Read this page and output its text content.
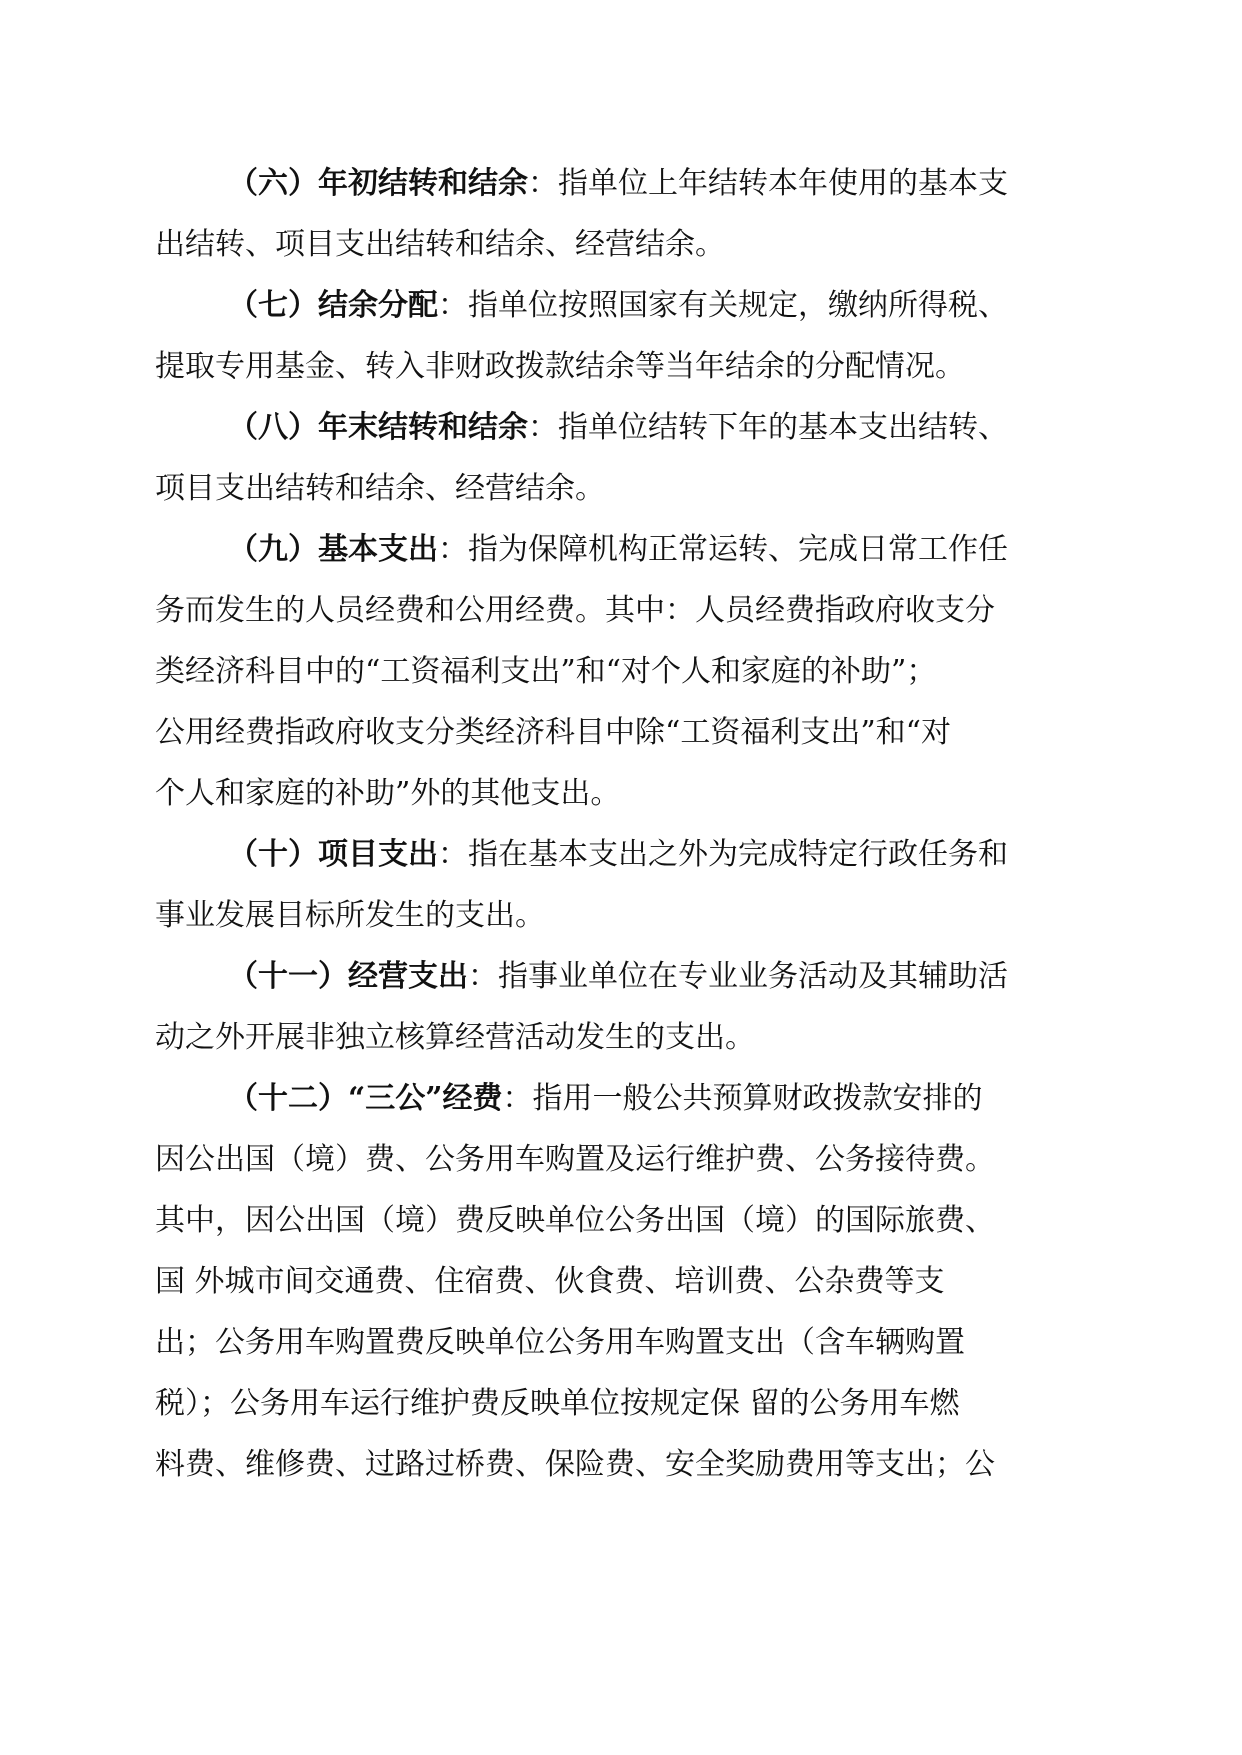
（六）年初结转和结余：指单位上年结转本年使用的基本支
出结转、项目支出结转和结余、经营结余。
（七）结余分配：指单位按照国家有关规定，缴纳所得税、
提取专用基金、转入非财政拨款结余等当年结余的分配情况。
（八）年末结转和结余：指单位结转下年的基本支出结转、
项目支出结转和结余、经营结余。
（九）基本支出：指为保障机构正常运转、完成日常工作任
务而发生的人员经费和公用经费。其中：人员经费指政府收支分
类经济科目中的“工资福利支出”和“对个人和家庭的补助”；
公用经费指政府收支分类经济科目中除“工资福利支出”和“对
个人和家庭的补助”外的其他支出。
（十）项目支出：指在基本支出之外为完成特定行政任务和
事业发展目标所发生的支出。
（十一）经营支出：指事业单位在专业业务活动及其辅助活
动之外开展非独立核算经营活动发生的支出。
（十二）“三公”经费：指用一般公共预算财政拨款安排的
因公出国（境）费、公务用车购置及运行维护费、公务接待费。
其中，因公出国（境）费反映单位公务出国（境）的国际旅费、
国 外城市间交通费、住宿费、伙食费、培训费、公杂费等支
出；公务用车购置费反映单位公务用车购置支出（含车辆购置
税）；公务用车运行维护费反映单位按规定保 留的公务用车燃
料费、维修费、过路过桥费、保险费、安全奖励费用等支出；公
